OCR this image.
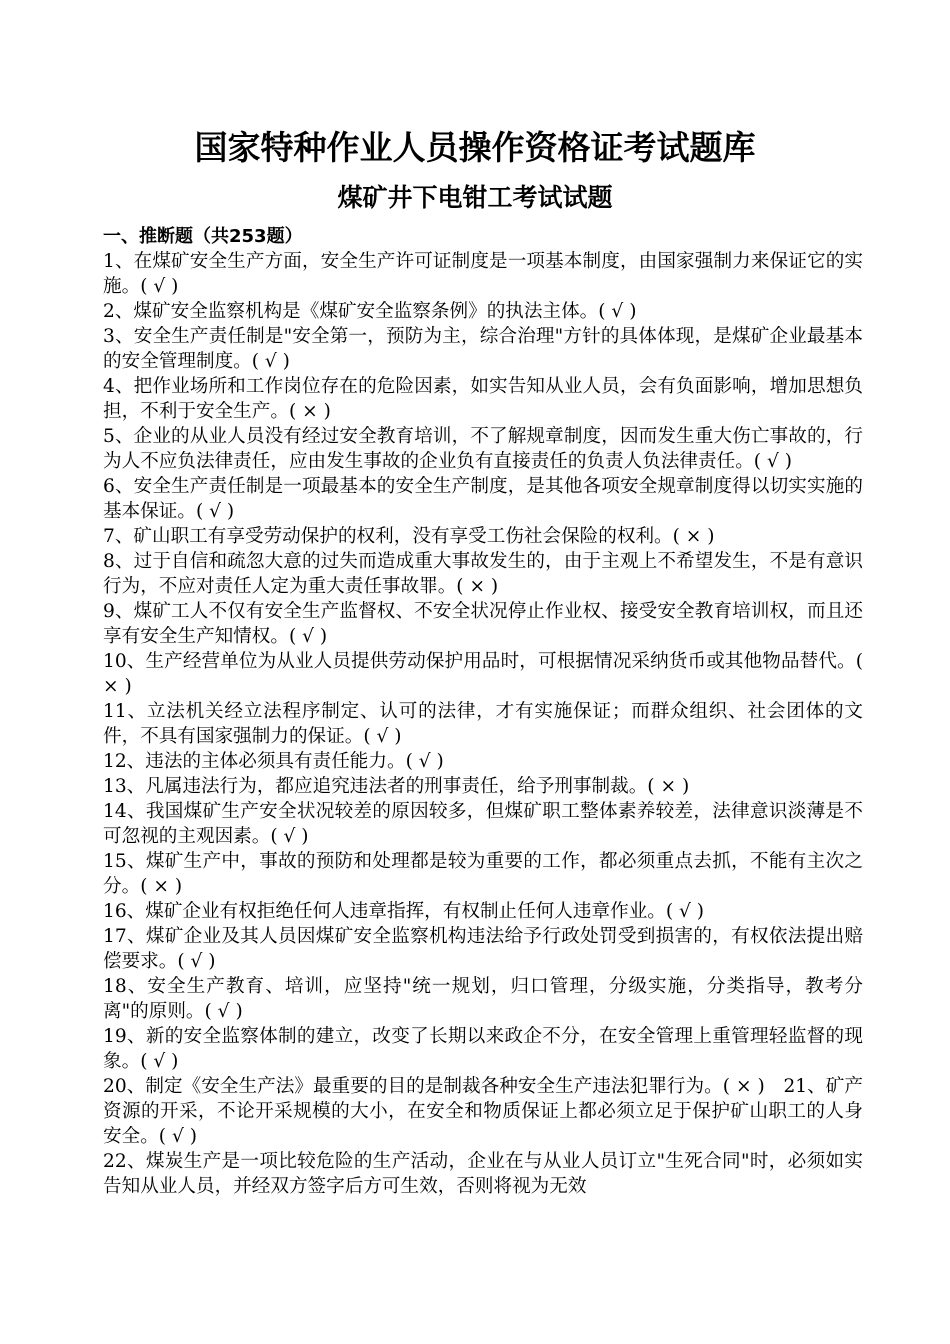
国家特种作业人员操作资格证考试题库
煤矿井下电钳工考试试题
一、推断题（共253题）
1、在煤矿安全生产方面，安全生产许可证制度是一项基本制度，由国家强制力来保证它的实施。( √ )
2、煤矿安全监察机构是《煤矿安全监察条例》的执法主体。( √ )
3、安全生产责任制是"安全第一，预防为主，综合治理"方针的具体体现，是煤矿企业最基本的安全管理制度。( √ )
4、把作业场所和工作岗位存在的危险因素，如实告知从业人员，会有负面影响，增加思想负担，不利于安全生产。( × )
5、企业的从业人员没有经过安全教育培训，不了解规章制度，因而发生重大伤亡事故的，行为人不应负法律责任，应由发生事故的企业负有直接责任的负责人负法律责任。( √ )
6、安全生产责任制是一项最基本的安全生产制度，是其他各项安全规章制度得以切实实施的基本保证。( √ )
7、矿山职工有享受劳动保护的权利，没有享受工伤社会保险的权利。( × )
8、过于自信和疏忽大意的过失而造成重大事故发生的，由于主观上不希望发生，不是有意识行为，不应对责任人定为重大责任事故罪。( × )
9、煤矿工人不仅有安全生产监督权、不安全状况停止作业权、接受安全教育培训权，而且还享有安全生产知情权。( √ )
10、生产经营单位为从业人员提供劳动保护用品时，可根据情况采纳货币或其他物品替代。( × )
11、立法机关经立法程序制定、认可的法律，才有实施保证；而群众组织、社会团体的文件，不具有国家强制力的保证。( √ )
12、违法的主体必须具有责任能力。( √ )
13、凡属违法行为，都应追究违法者的刑事责任，给予刑事制裁。( × )
14、我国煤矿生产安全状况较差的原因较多，但煤矿职工整体素养较差，法律意识淡薄是不可忽视的主观因素。( √ )
15、煤矿生产中，事故的预防和处理都是较为重要的工作，都必须重点去抓，不能有主次之分。( × )
16、煤矿企业有权拒绝任何人违章指挥，有权制止任何人违章作业。( √ )
17、煤矿企业及其人员因煤矿安全监察机构违法给予行政处罚受到损害的，有权依法提出赔偿要求。( √ )
18、安全生产教育、培训，应坚持"统一规划，归口管理，分级实施，分类指导，教考分离"的原则。( √ )
19、新的安全监察体制的建立，改变了长期以来政企不分，在安全管理上重管理轻监督的现象。( √ )
20、制定《安全生产法》最重要的目的是制裁各种安全生产违法犯罪行为。( × )　21、矿产资源的开采，不论开采规模的大小，在安全和物质保证上都必须立足于保护矿山职工的人身安全。( √ )
22、煤炭生产是一项比较危险的生产活动，企业在与从业人员订立"生死合同"时，必须如实告知从业人员，并经双方签字后方可生效，否则将视为无效
